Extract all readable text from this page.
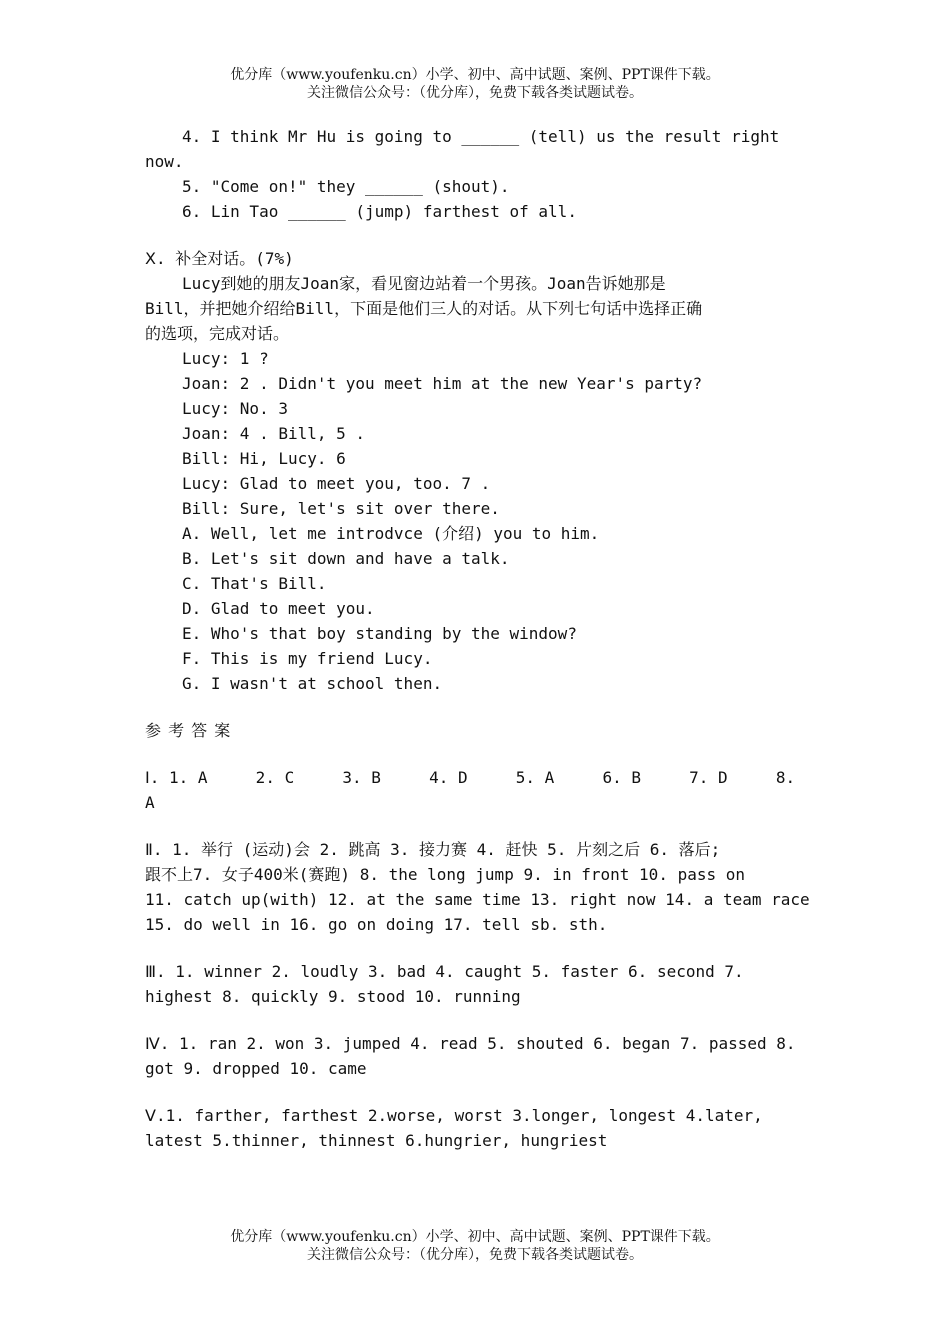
优分库（www.youfenku.cn）小学、初中、高中试题、案例、PPT课件下载。
关注微信公众号：（优分库），免费下载各类试题试卷。
4. I think Mr Hu is going to ______ (tell) us the result right
now.
5. "Come on!" they ______ (shout).
6. Lin Tao ______ (jump) farthest of all.
Ⅹ. 补全对话。(7%)
Lucy到她的朋友Joan家，看见窗边站着一个男孩。Joan告诉她那是
Bill，并把她介绍给Bill，下面是他们三人的对话。从下列七句话中选择正确
的选项，完成对话。
Lucy: 1 ?
Joan: 2 . Didn't you meet him at the new Year's party?
Lucy: No. 3
Joan: 4 . Bill, 5 .
Bill: Hi, Lucy. 6
Lucy: Glad to meet you, too. 7 .
Bill: Sure, let's sit over there.
A. Well, let me introdvce (介绍) you to him.
B. Let's sit down and have a talk.
C. That's Bill.
D. Glad to meet you.
E. Who's that boy standing by the window?
F. This is my friend Lucy.
G. I wasn't at school then.
参 考 答 案
Ⅰ. 1. A     2. C     3. B     4. D     5. A     6. B     7. D     8.
A
Ⅱ. 1. 举行 (运动)会 2. 跳高 3. 接力赛 4. 赶快 5. 片刻之后 6. 落后;
跟不上7. 女子400米(赛跑) 8. the long jump 9. in front 10. pass on
11. catch up(with) 12. at the same time 13. right now 14. a team race
15. do well in 16. go on doing 17. tell sb. sth.
Ⅲ. 1. winner 2. loudly 3. bad 4. caught 5. faster 6. second 7.
highest 8. quickly 9. stood 10. running
Ⅳ. 1. ran 2. won 3. jumped 4. read 5. shouted 6. began 7. passed 8.
got 9. dropped 10. came
Ⅴ.1. farther, farthest 2.worse, worst 3.longer, longest 4.later,
latest 5.thinner, thinnest 6.hungrier, hungriest
优分库（www.youfenku.cn）小学、初中、高中试题、案例、PPT课件下载。
关注微信公众号：（优分库），免费下载各类试题试卷。
